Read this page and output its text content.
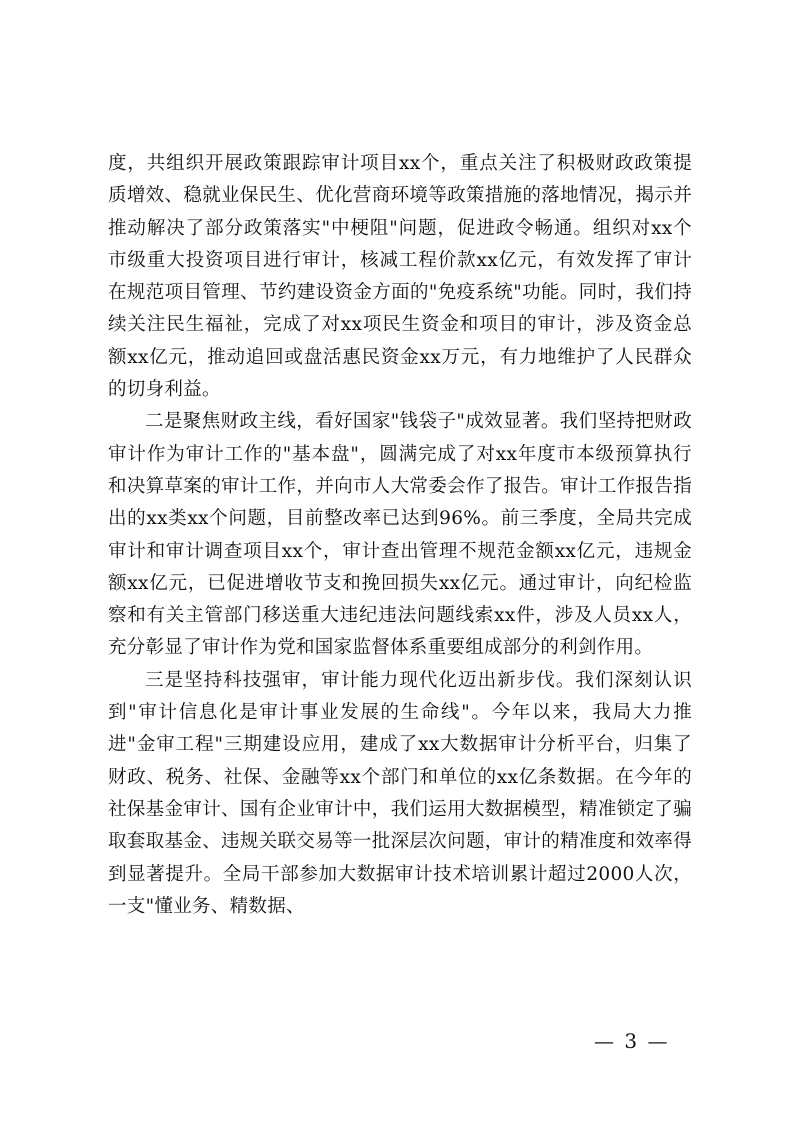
度，共组织开展政策跟踪审计项目xx个，重点关注了积极财政政策提质增效、稳就业保民生、优化营商环境等政策措施的落地情况，揭示并推动解决了部分政策落实"中梗阻"问题，促进政令畅通。组织对xx个市级重大投资项目进行审计，核减工程价款xx亿元，有效发挥了审计在规范项目管理、节约建设资金方面的"免疫系统"功能。同时，我们持续关注民生福祉，完成了对xx项民生资金和项目的审计，涉及资金总额xx亿元，推动追回或盘活惠民资金xx万元，有力地维护了人民群众的切身利益。

二是聚焦财政主线，看好国家"钱袋子"成效显著。我们坚持把财政审计作为审计工作的"基本盘"，圆满完成了对xx年度市本级预算执行和决算草案的审计工作，并向市人大常委会作了报告。审计工作报告指出的xx类xx个问题，目前整改率已达到96%。前三季度，全局共完成审计和审计调查项目xx个，审计查出管理不规范金额xx亿元，违规金额xx亿元，已促进增收节支和挽回损失xx亿元。通过审计，向纪检监察和有关主管部门移送重大违纪违法问题线索xx件，涉及人员xx人，充分彰显了审计作为党和国家监督体系重要组成部分的利剑作用。

三是坚持科技强审，审计能力现代化迈出新步伐。我们深刻认识到"审计信息化是审计事业发展的生命线"。今年以来，我局大力推进"金审工程"三期建设应用，建成了xx大数据审计分析平台，归集了财政、税务、社保、金融等xx个部门和单位的xx亿条数据。在今年的社保基金审计、国有企业审计中，我们运用大数据模型，精准锁定了骗取套取基金、违规关联交易等一批深层次问题，审计的精准度和效率得到显著提升。全局干部参加大数据审计技术培训累计超过2000人次，一支"懂业务、精数据、

— 3 —
